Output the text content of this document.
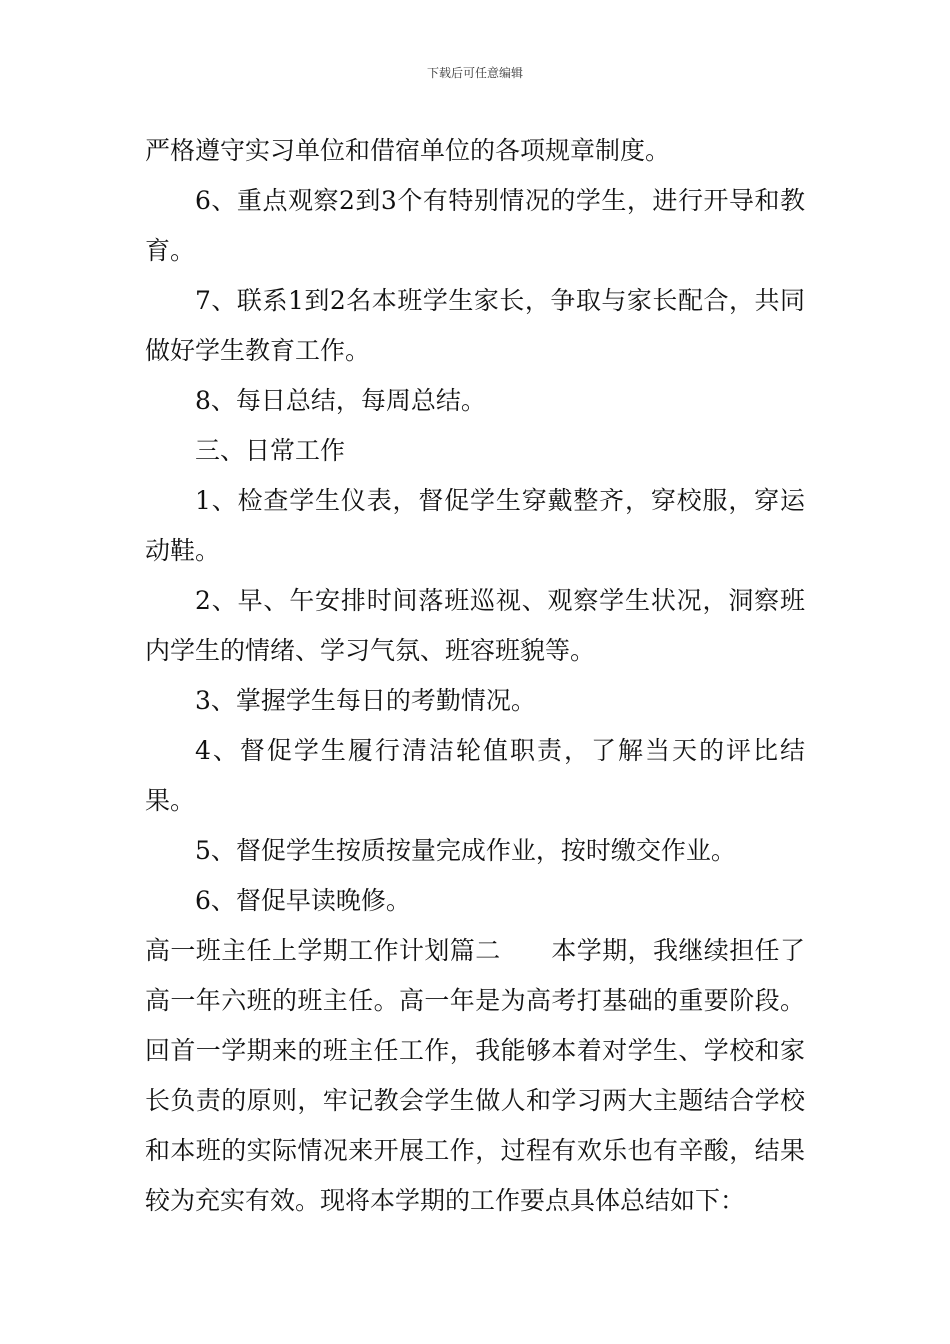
下载后可任意编辑

严格遵守实习单位和借宿单位的各项规章制度。

6、重点观察2到3个有特别情况的学生，进行开导和教育。

7、联系1到2名本班学生家长，争取与家长配合，共同做好学生教育工作。

8、每日总结，每周总结。

三、日常工作

1、检查学生仪表，督促学生穿戴整齐，穿校服，穿运动鞋。

2、早、午安排时间落班巡视、观察学生状况，洞察班内学生的情绪、学习气氛、班容班貌等。

3、掌握学生每日的考勤情况。

4、督促学生履行清洁轮值职责，了解当天的评比结果。

5、督促学生按质按量完成作业，按时缴交作业。

6、督促早读晚修。

高一班主任上学期工作计划篇二　　本学期，我继续担任了高一年六班的班主任。高一年是为高考打基础的重要阶段。回首一学期来的班主任工作，我能够本着对学生、学校和家长负责的原则，牢记教会学生做人和学习两大主题结合学校和本班的实际情况来开展工作，过程有欢乐也有辛酸，结果较为充实有效。现将本学期的工作要点具体总结如下：
